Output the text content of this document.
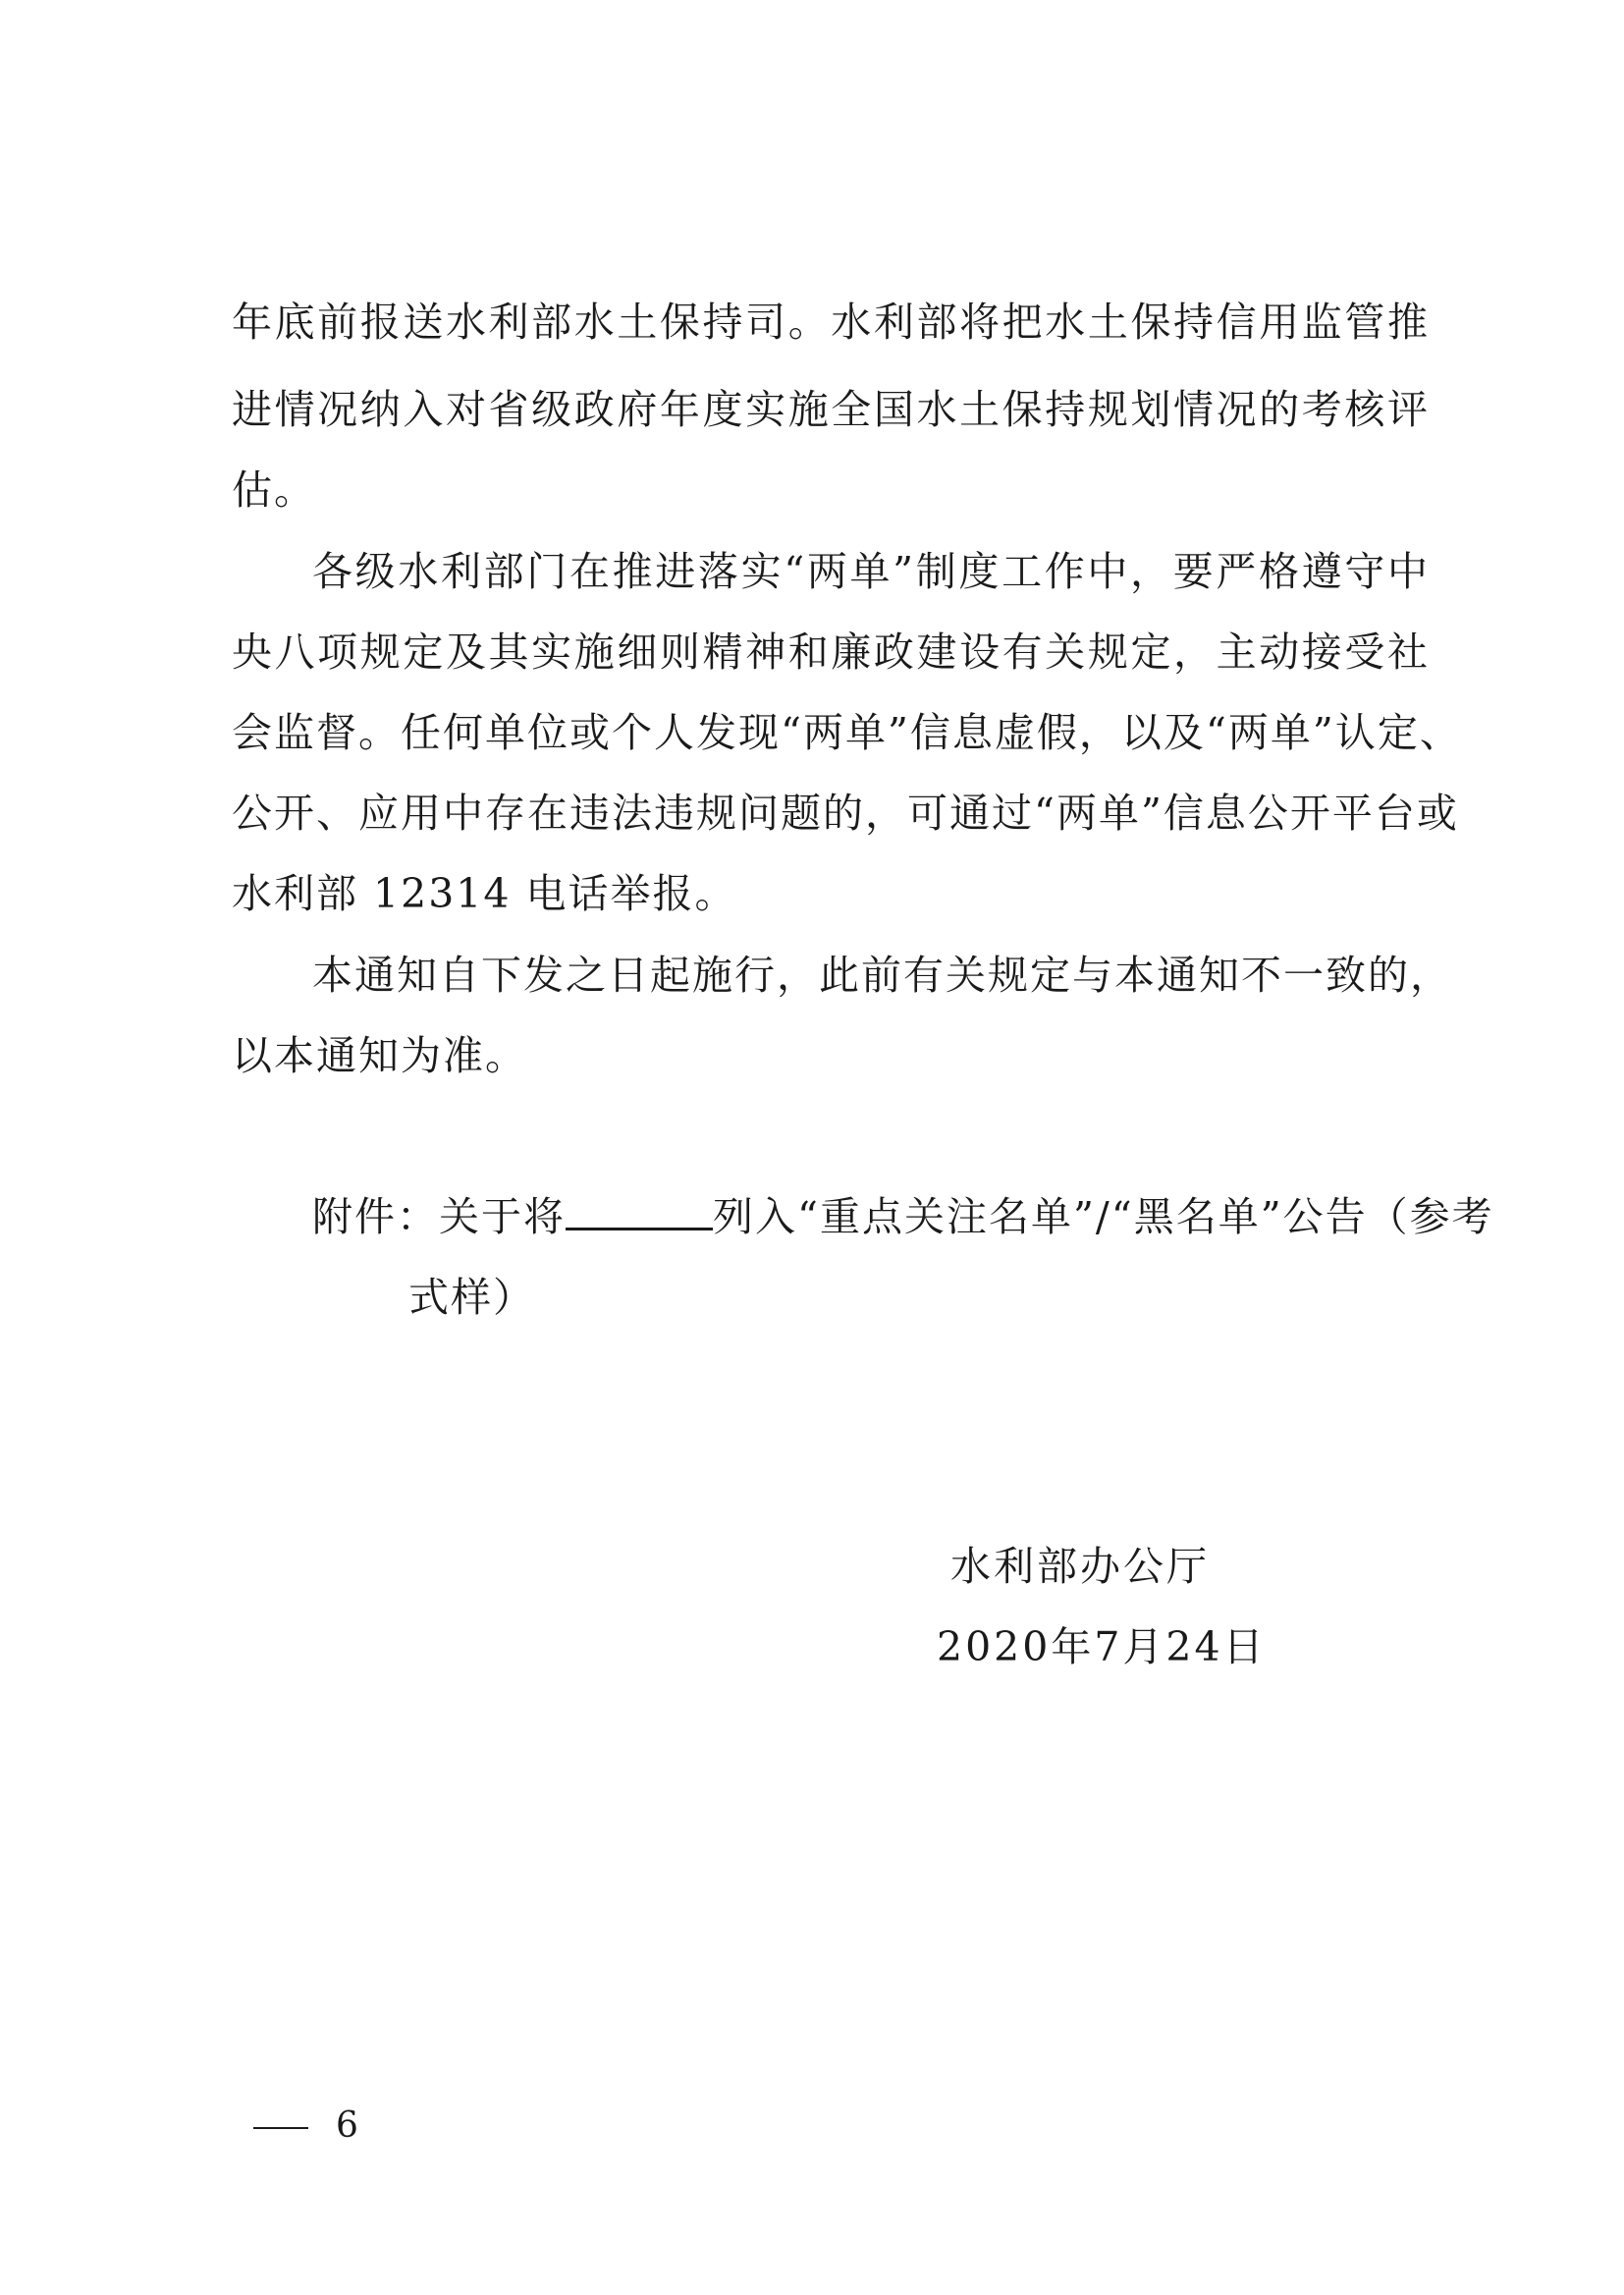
年底前报送水利部水土保持司。水利部将把水土保持信用监管推
进情况纳入对省级政府年度实施全国水土保持规划情况的考核评
估。
各级水利部门在推进落实“两单”制度工作中，要严格遵守中
央八项规定及其实施细则精神和廉政建设有关规定，主动接受社
会监督。任何单位或个人发现“两单”信息虚假，以及“两单”认定、
公开、应用中存在违法违规问题的，可通过“两单”信息公开平台或
水利部 12314 电话举报。
本通知自下发之日起施行，此前有关规定与本通知不一致的，
以本通知为准。
附件：关于将	列入“重点关注名单”/“黑名单”公告（参考
式样）
水利部办公厅
2020年7月24日
6
